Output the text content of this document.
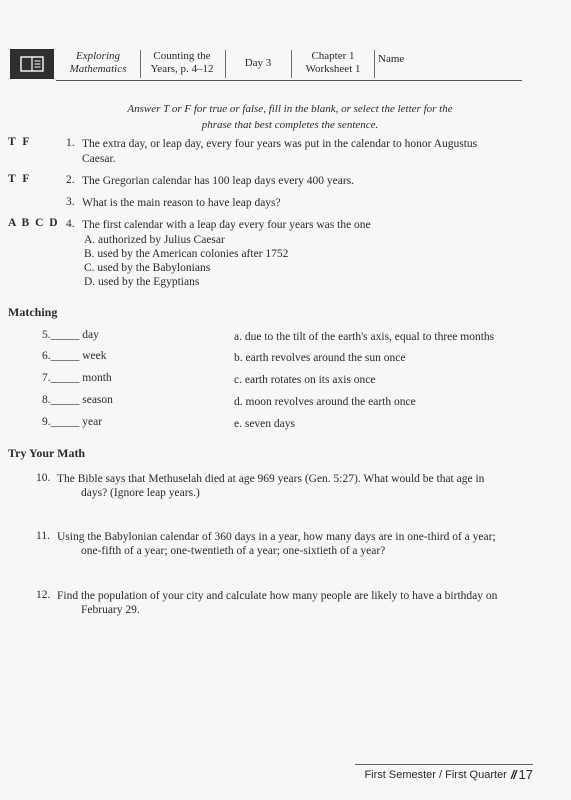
Exploring Mathematics
Counting the Years, p. 4–12
Day 3
Chapter 1 Worksheet 1
Name
Answer T or F for true or false, fill in the blank, or select the letter for the phrase that best completes the sentence.
T F	1. The extra day, or leap day, every four years was put in the calendar to honor Augustus Caesar.
T F	2. The Gregorian calendar has 100 leap days every 400 years.
3. What is the main reason to have leap days?
A B C D 4. The first calendar with a leap day every four years was the one
A. authorized by Julius Caesar
B. used by the American colonies after 1752
C. used by the Babylonians
D. used by the Egyptians
Matching
5._____ day
6._____ week
7._____ month
8._____ season
9._____ year
a. due to the tilt of the earth's axis, equal to three months
b. earth revolves around the sun once
c. earth rotates on its axis once
d. moon revolves around the earth once
e. seven days
Try Your Math
10. The Bible says that Methuselah died at age 969 years (Gen. 5:27). What would be that age in
days? (Ignore leap years.)
11. Using the Babylonian calendar of 360 days in a year, how many days are in one-third of a year;
one-fifth of a year; one-twentieth of a year; one-sixtieth of a year?
12. Find the population of your city and calculate how many people are likely to have a birthday on
February 29.
First Semester / First Quarter // 17
